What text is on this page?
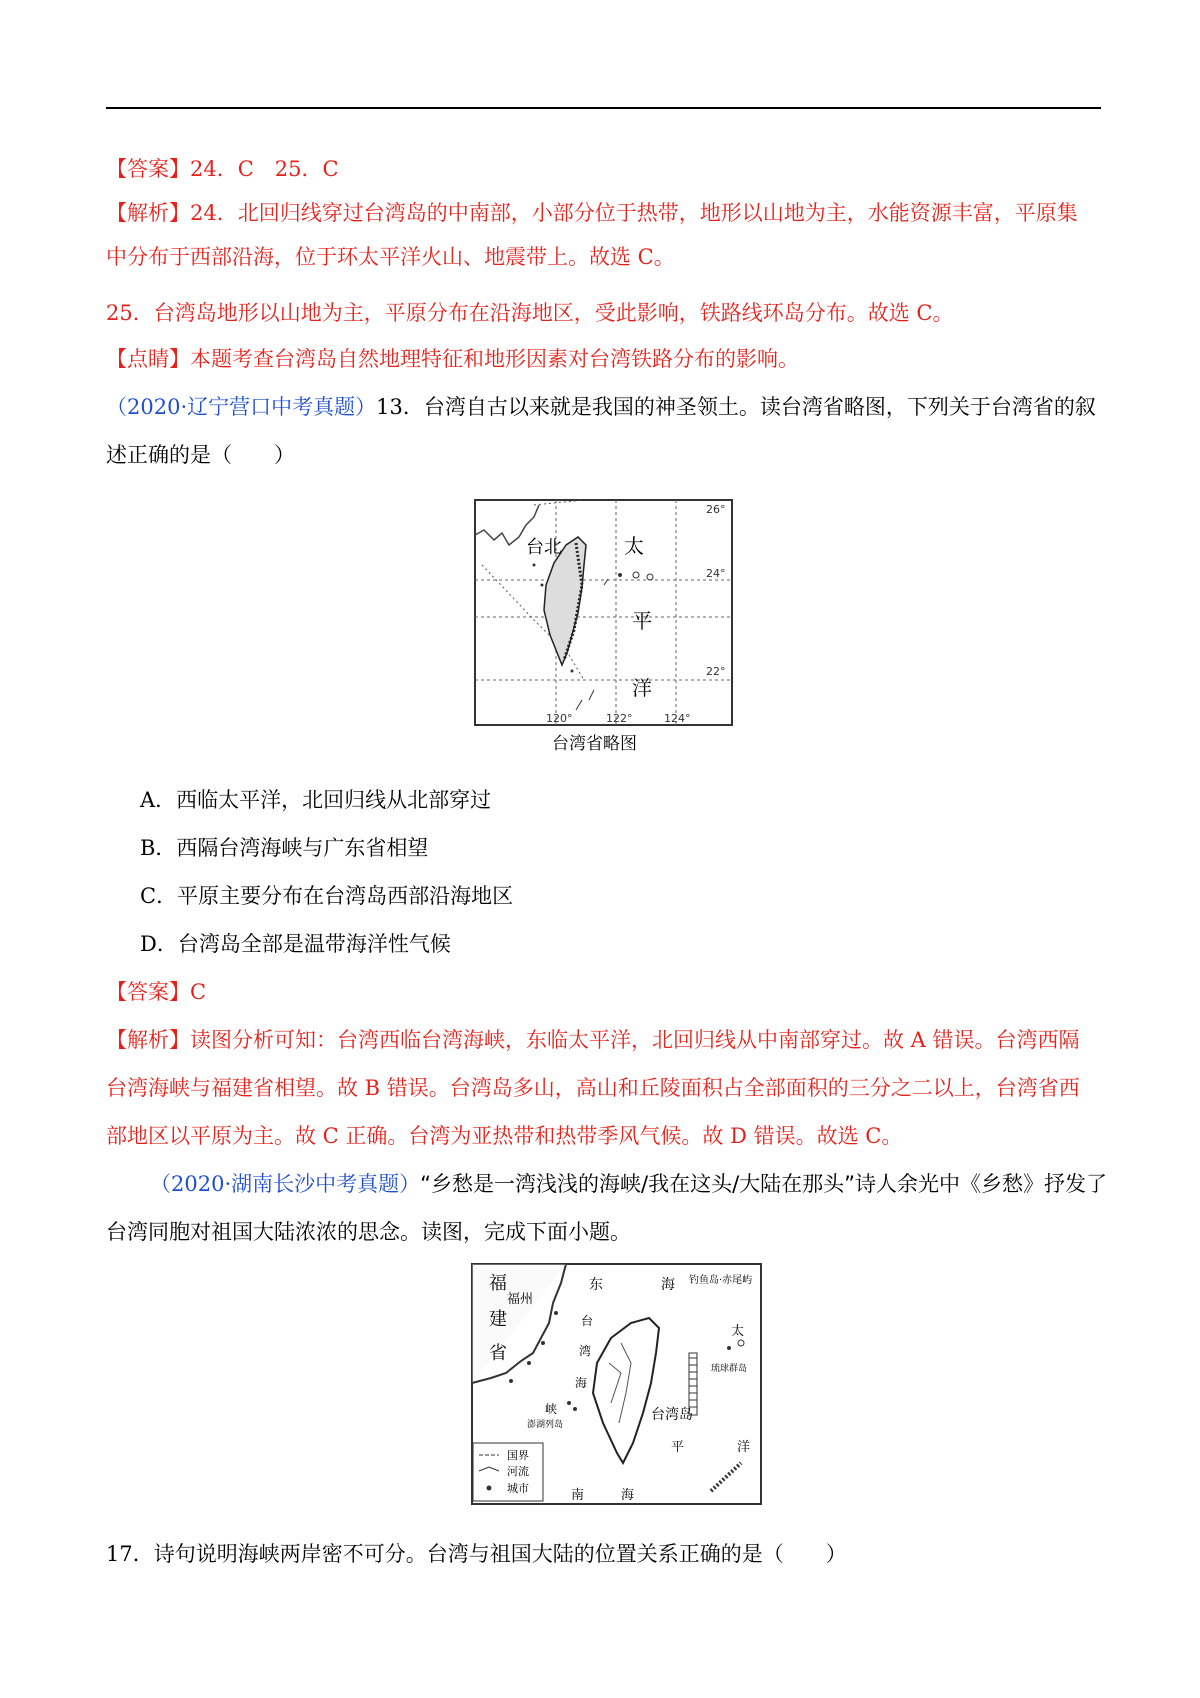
【答案】24．C　25．C
【解析】24．北回归线穿过台湾岛的中南部，小部分位于热带，地形以山地为主，水能资源丰富，平原集
中分布于西部沿海，位于环太平洋火山、地震带上。故选 C。
25．台湾岛地形以山地为主，平原分布在沿海地区，受此影响，铁路线环岛分布。故选 C。
【点睛】本题考查台湾岛自然地理特征和地形因素对台湾铁路分布的影响。
（2020·辽宁营口中考真题）13．台湾自古以来就是我国的神圣领土。读台湾省略图，下列关于台湾省的叙
述正确的是（　　）
台北	太
平
洋
26°
24°
22°
120°	122°	124°
台湾省略图
A．西临太平洋，北回归线从北部穿过
B．西隔台湾海峡与广东省相望
C．平原主要分布在台湾岛西部沿海地区
D．台湾岛全部是温带海洋性气候
【答案】C
【解析】读图分析可知：台湾西临台湾海峡，东临太平洋，北回归线从中南部穿过。故 A 错误。台湾西隔
台湾海峡与福建省相望。故 B 错误。台湾岛多山，高山和丘陵面积占全部面积的三分之二以上，台湾省西
部地区以平原为主。故 C 正确。台湾为亚热带和热带季风气候。故 D 错误。故选 C。
（2020·湖南长沙中考真题）“乡愁是一湾浅浅的海峡/我在这头/大陆在那头”诗人余光中《乡愁》抒发了
台湾同胞对祖国大陆浓浓的思念。读图，完成下面小题。
国界
河流
城市
福
福州
建
省
东	海 钓鱼岛·赤尾屿
台
湾
海
峡
澎湖列岛
台湾岛
太
平	洋
琉球群岛
南	海
17．诗句说明海峡两岸密不可分。台湾与祖国大陆的位置关系正确的是（　　）
